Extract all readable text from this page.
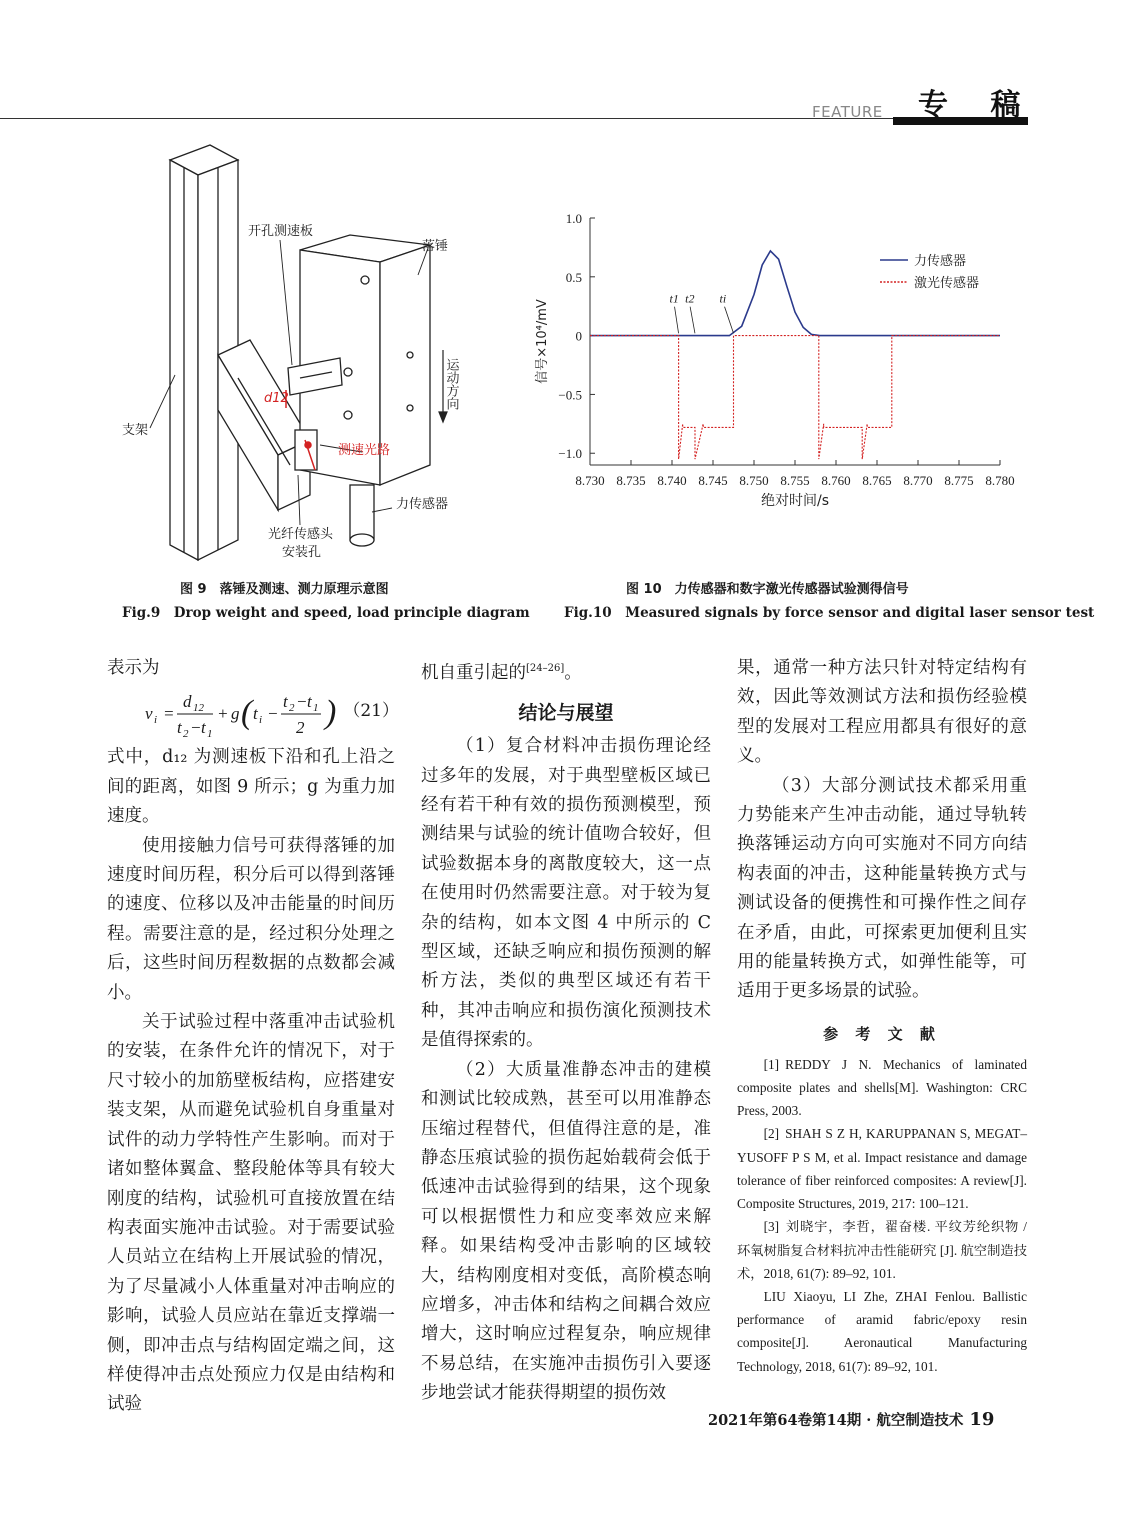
FEATURE 专 稿
开孔测速板
落锤
支架
运动方向
d12
测速光路
力传感器
光纤传感头
安装孔
1.0
0.5
0
−0.5
−1.0
8.730 8.735 8.740 8.745 8.750 8.755 8.760 8.765 8.770 8.775 8.780
绝对时间/s
信号×10⁴/mV
t1 t2 ti
力传感器
激光传感器
图 9　落锤及测速、测力原理示意图
Fig.9　Drop weight and speed, load principle diagram
图 10　力传感器和数字激光传感器试验测得信号
Fig.10　Measured signals by force sensor and digital laser sensor test

表示为

v i =
d 12
t 2 − t 1
+ g ( t i −
t 2 − t 1
2 ) （21）

式中，d₁₂ 为测速板下沿和孔上沿之间的距离，如图 9 所示；g 为重力加速度。

使用接触力信号可获得落锤的加速度时间历程，积分后可以得到落锤的速度、位移以及冲击能量的时间历程。需要注意的是，经过积分处理之后，这些时间历程数据的点数都会减小。

关于试验过程中落重冲击试验机的安装，在条件允许的情况下，对于尺寸较小的加筋壁板结构，应搭建安装支架，从而避免试验机自身重量对试件的动力学特性产生影响。而对于诸如整体翼盒、整段舱体等具有较大刚度的结构，试验机可直接放置在结构表面实施冲击试验。对于需要试验人员站立在结构上开展试验的情况，为了尽量减小人体重量对冲击响应的影响，试验人员应站在靠近支撑端一侧，即冲击点与结构固定端之间，这样使得冲击点处预应力仅是由结构和试验

机自重引起的[24–26]。

结论与展望

（1）复合材料冲击损伤理论经过多年的发展，对于典型壁板区域已经有若干种有效的损伤预测模型，预测结果与试验的统计值吻合较好，但试验数据本身的离散度较大，这一点在使用时仍然需要注意。对于较为复杂的结构，如本文图 4 中所示的 C 型区域，还缺乏响应和损伤预测的解析方法，类似的典型区域还有若干种，其冲击响应和损伤演化预测技术是值得探索的。

（2）大质量准静态冲击的建模和测试比较成熟，甚至可以用准静态压缩过程替代，但值得注意的是，准静态压痕试验的损伤起始载荷会低于低速冲击试验得到的结果，这个现象可以根据惯性力和应变率效应来解释。如果结构受冲击影响的区域较大，结构刚度相对变低，高阶模态响应增多，冲击体和结构之间耦合效应增大，这时响应过程复杂，响应规律不易总结，在实施冲击损伤引入要逐步地尝试才能获得期望的损伤效

果，通常一种方法只针对特定结构有效，因此等效测试方法和损伤经验模型的发展对工程应用都具有很好的意义。

（3）大部分测试技术都采用重力势能来产生冲击动能，通过导轨转换落锤运动方向可实施对不同方向结构表面的冲击，这种能量转换方式与测试设备的便携性和可操作性之间存在矛盾，由此，可探索更加便利且实用的能量转换方式，如弹性能等，可适用于更多场景的试验。

参 考 文 献

[1] REDDY J N. Mechanics of laminated composite plates and shells[M]. Washington: CRC Press, 2003.

[2] SHAH S Z H, KARUPPANAN S, MEGAT–YUSOFF P S M, et al. Impact resistance and damage tolerance of fiber reinforced composites: A review[J]. Composite Structures, 2019, 217: 100–121.

[3] 刘晓宇，李哲，翟奋楼. 平纹芳纶织物 / 环氧树脂复合材料抗冲击性能研究 [J]. 航空制造技术，2018, 61(7): 89–92, 101.

LIU Xiaoyu, LI Zhe, ZHAI Fenlou. Ballistic performance of aramid fabric/epoxy resin composite[J]. Aeronautical Manufacturing Technology, 2018, 61(7): 89–92, 101.

2021年第64卷第14期 · 航空制造技术 19
